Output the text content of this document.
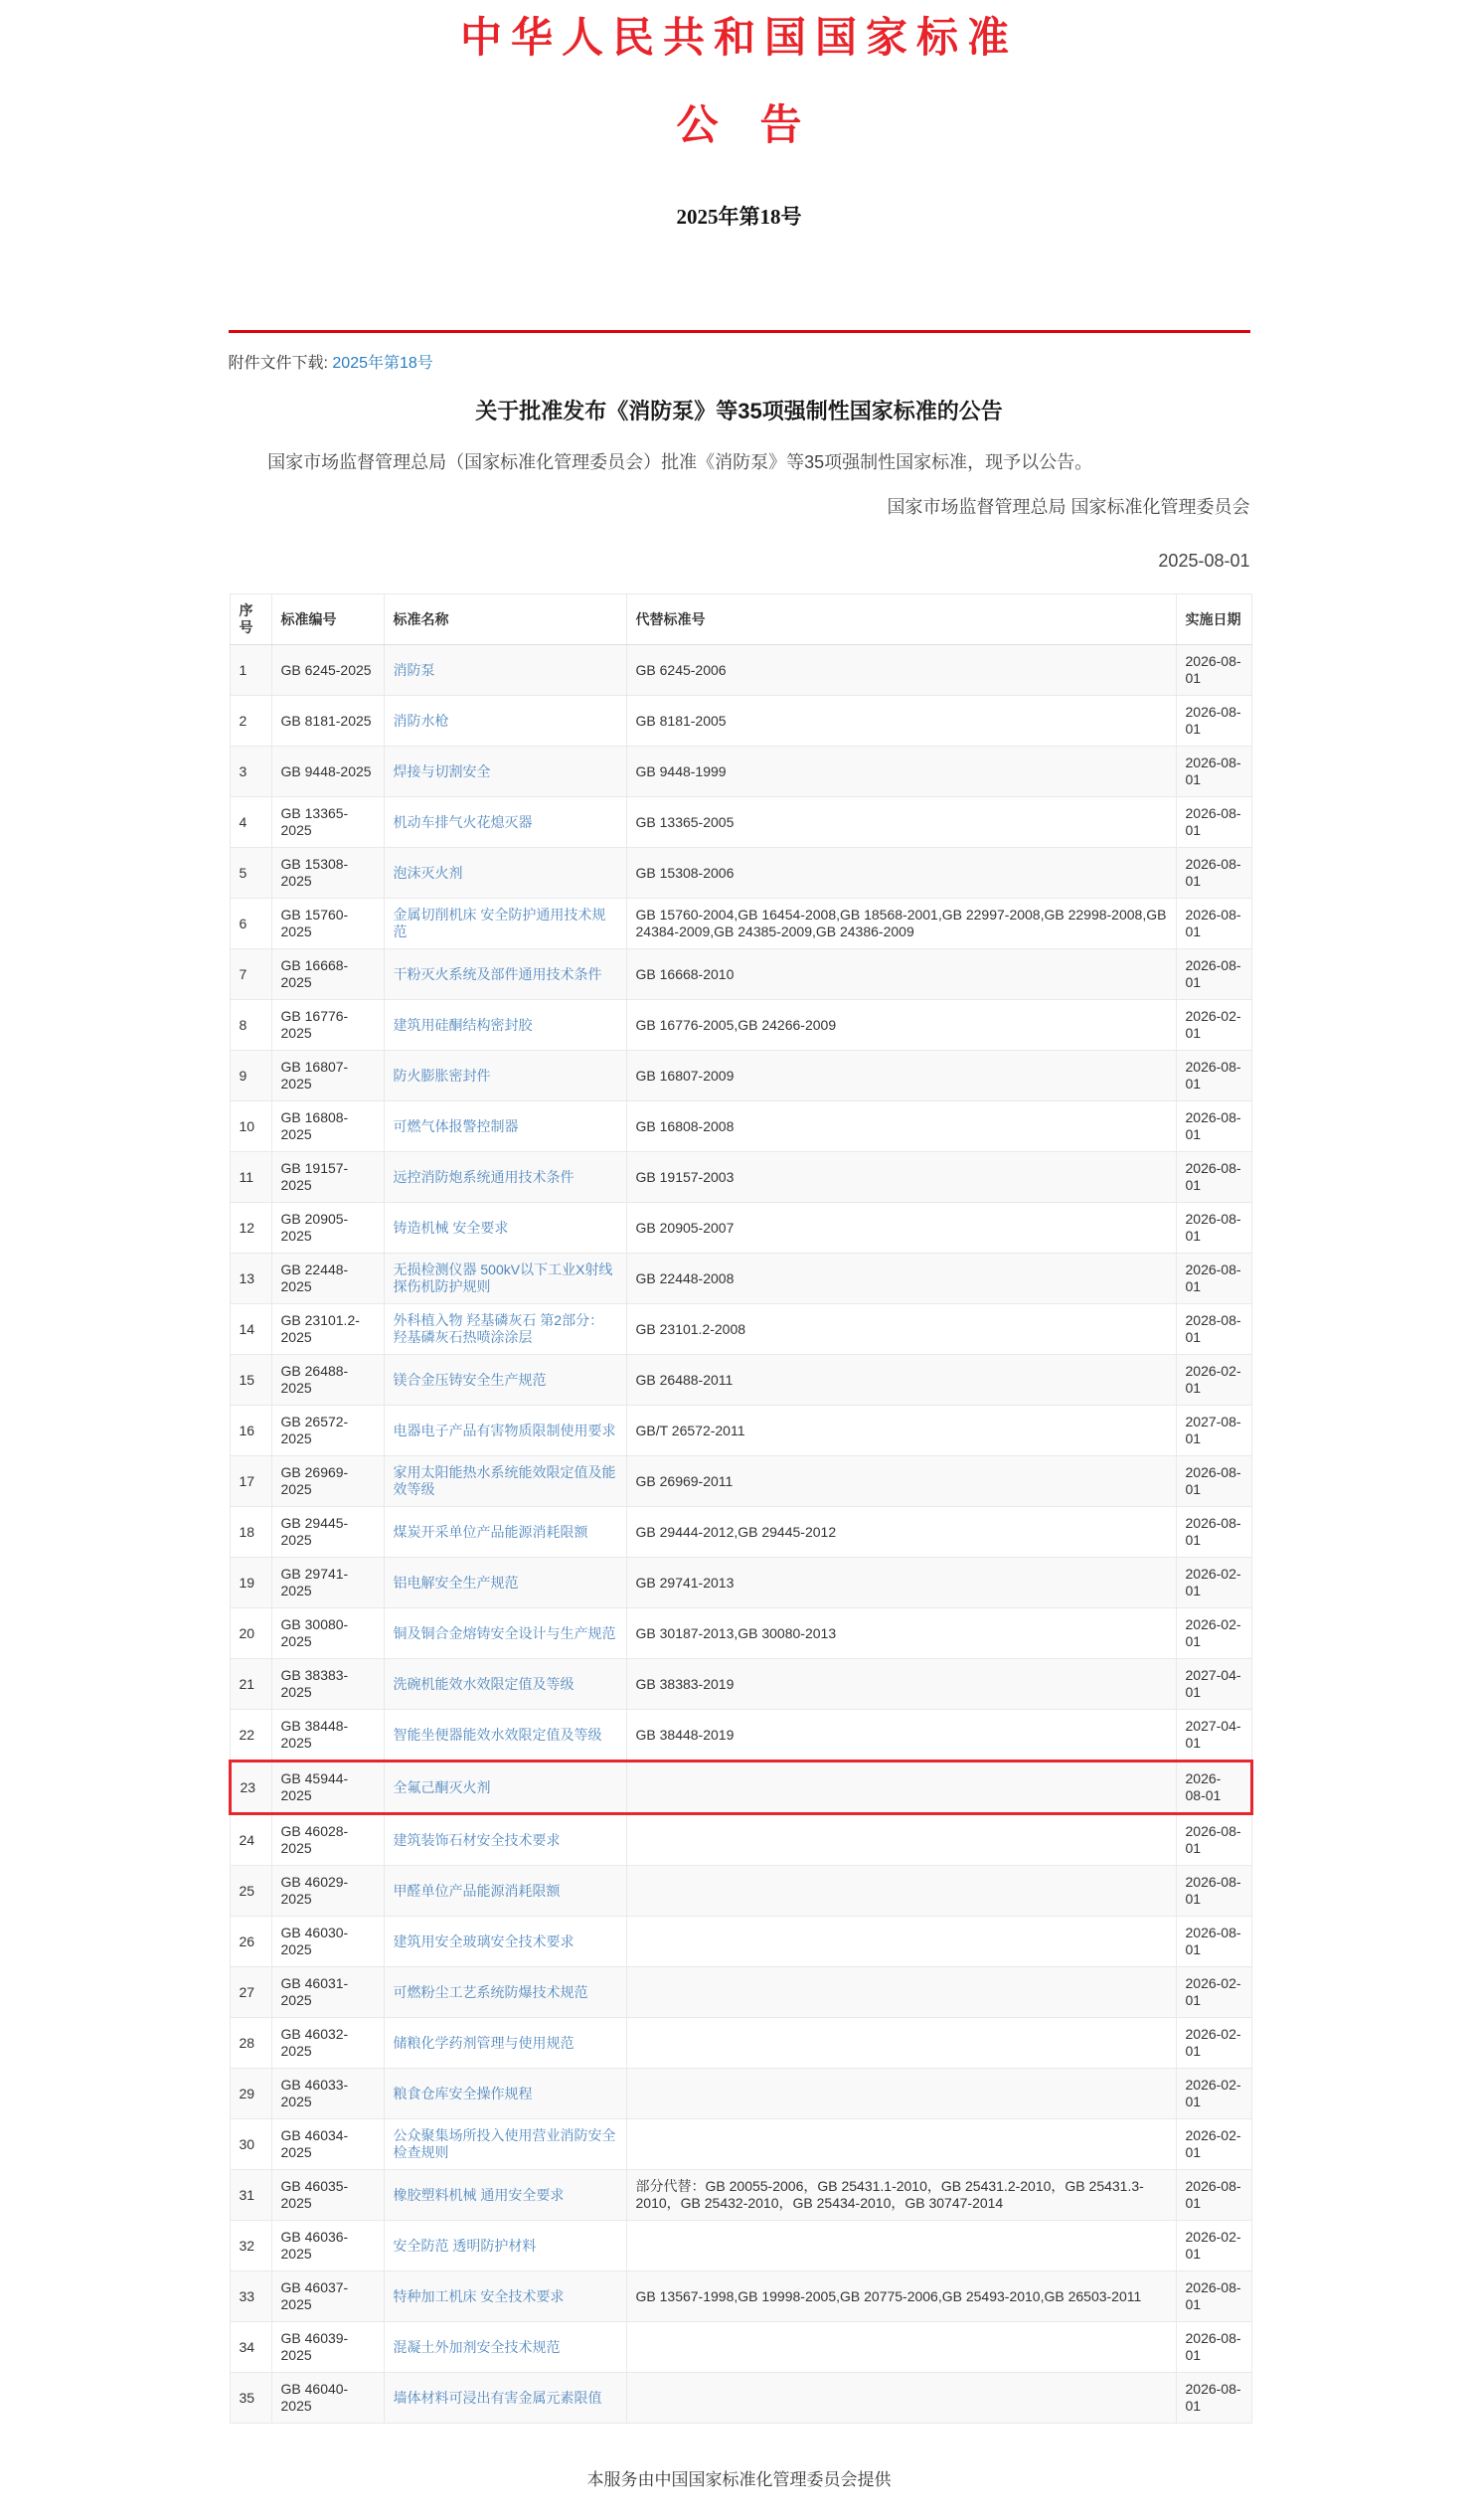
中华人民共和国国家标准
公　告
2025年第18号
附件文件下载: 2025年第18号
关于批准发布《消防泵》等35项强制性国家标准的公告

国家市场监督管理总局（国家标准化管理委员会）批准《消防泵》等35项强制性国家标准，现予以公告。

国家市场监督管理总局 国家标准化管理委员会
2025-08-01
序号	标准编号	标准名称	代替标准号	实施日期
1	GB 6245-2025	消防泵	GB 6245-2006	2026-08-01
2	GB 8181-2025	消防水枪	GB 8181-2005	2026-08-01
3	GB 9448-2025	焊接与切割安全	GB 9448-1999	2026-08-01
4	GB 13365-2025	机动车排气火花熄灭器	GB 13365-2005	2026-08-01
5	GB 15308-2025	泡沫灭火剂	GB 15308-2006	2026-08-01
6	GB 15760-2025	金属切削机床 安全防护通用技术规范	GB 15760-2004,GB 16454-2008,GB 18568-2001,GB 22997-2008,GB 22998-2008,GB 24384-2009,GB 24385-2009,GB 24386-2009	2026-08-01
7	GB 16668-2025	干粉灭火系统及部件通用技术条件	GB 16668-2010	2026-08-01
8	GB 16776-2025	建筑用硅酮结构密封胶	GB 16776-2005,GB 24266-2009	2026-02-01
9	GB 16807-2025	防火膨胀密封件	GB 16807-2009	2026-08-01
10	GB 16808-2025	可燃气体报警控制器	GB 16808-2008	2026-08-01
11	GB 19157-2025	远控消防炮系统通用技术条件	GB 19157-2003	2026-08-01
12	GB 20905-2025	铸造机械 安全要求	GB 20905-2007	2026-08-01
13	GB 22448-2025	无损检测仪器 500kV以下工业X射线探伤机防护规则	GB 22448-2008	2026-08-01
14	GB 23101.2-2025	外科植入物 羟基磷灰石 第2部分：羟基磷灰石热喷涂涂层	GB 23101.2-2008	2028-08-01
15	GB 26488-2025	镁合金压铸安全生产规范	GB 26488-2011	2026-02-01
16	GB 26572-2025	电器电子产品有害物质限制使用要求	GB/T 26572-2011	2027-08-01
17	GB 26969-2025	家用太阳能热水系统能效限定值及能效等级	GB 26969-2011	2026-08-01
18	GB 29445-2025	煤炭开采单位产品能源消耗限额	GB 29444-2012,GB 29445-2012	2026-08-01
19	GB 29741-2025	铝电解安全生产规范	GB 29741-2013	2026-02-01
20	GB 30080-2025	铜及铜合金熔铸安全设计与生产规范	GB 30187-2013,GB 30080-2013	2026-02-01
21	GB 38383-2025	洗碗机能效水效限定值及等级	GB 38383-2019	2027-04-01
22	GB 38448-2025	智能坐便器能效水效限定值及等级	GB 38448-2019	2027-04-01
23	GB 45944-2025	全氟己酮灭火剂		2026-08-01
24	GB 46028-2025	建筑装饰石材安全技术要求		2026-08-01
25	GB 46029-2025	甲醛单位产品能源消耗限额		2026-08-01
26	GB 46030-2025	建筑用安全玻璃安全技术要求		2026-08-01
27	GB 46031-2025	可燃粉尘工艺系统防爆技术规范		2026-02-01
28	GB 46032-2025	储粮化学药剂管理与使用规范		2026-02-01
29	GB 46033-2025	粮食仓库安全操作规程		2026-02-01
30	GB 46034-2025	公众聚集场所投入使用营业消防安全检查规则		2026-02-01
31	GB 46035-2025	橡胶塑料机械 通用安全要求	部分代替：GB 20055-2006，GB 25431.1-2010，GB 25431.2-2010，GB 25431.3-2010，GB 25432-2010，GB 25434-2010，GB 30747-2014	2026-08-01
32	GB 46036-2025	安全防范 透明防护材料		2026-02-01
33	GB 46037-2025	特种加工机床 安全技术要求	GB 13567-1998,GB 19998-2005,GB 20775-2006,GB 25493-2010,GB 26503-2011	2026-08-01
34	GB 46039-2025	混凝土外加剂安全技术规范		2026-08-01
35	GB 46040-2025	墙体材料可浸出有害金属元素限值		2026-08-01
本服务由中国国家标准化管理委员会提供
